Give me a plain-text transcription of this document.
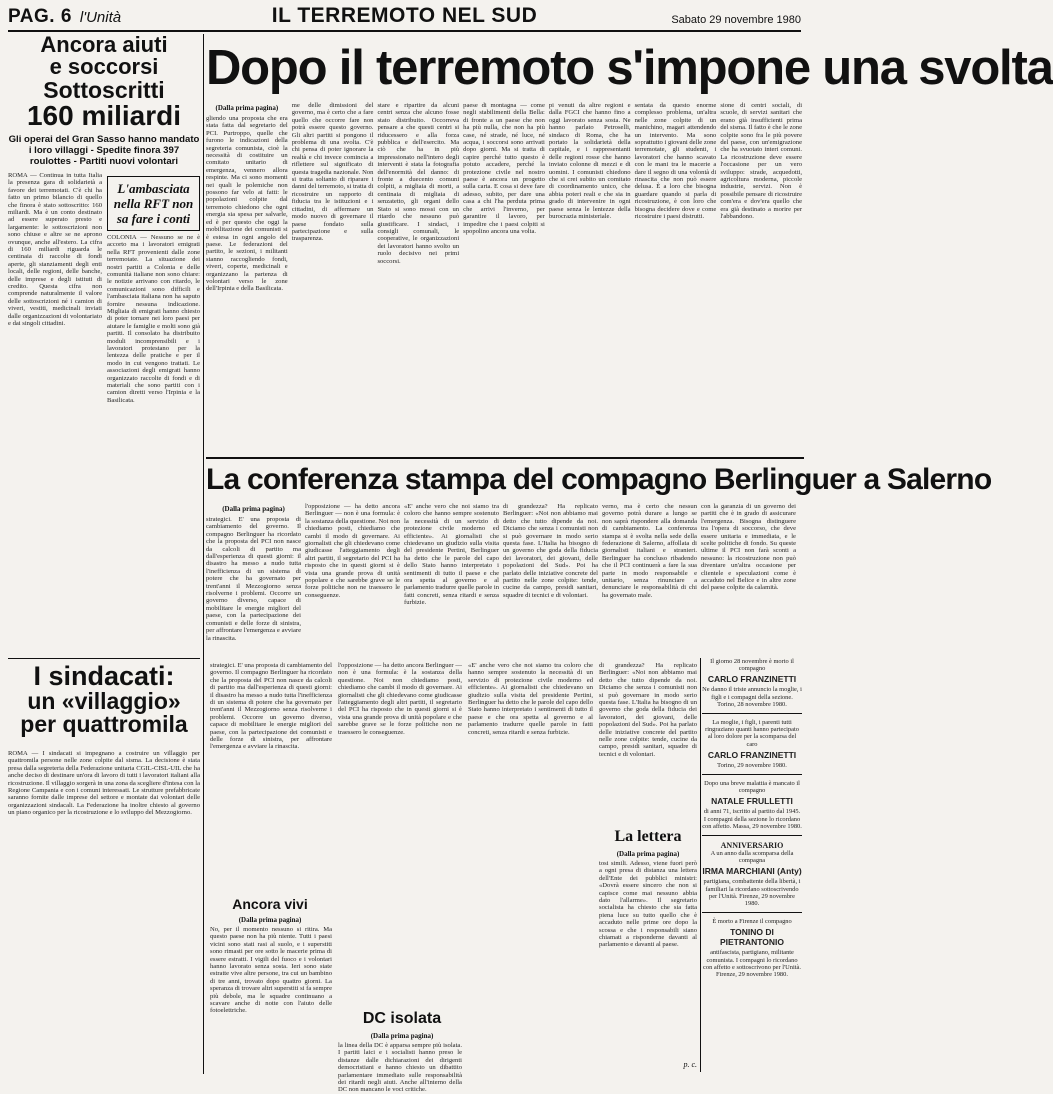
PAG. 6 l'Unità	IL TERREMOTO NEL SUD	Sabato 29 novembre 1980
Ancora aiuti
e soccorsi
Sottoscritti
160 miliardi
Gli operai del Gran Sasso hanno mandato i loro villaggi - Spedite finora 397 roulottes - Partiti nuovi volontari
ROMA — Continua in tutta Italia la presenza gara di solidarietà a favore dei terremotati. C'è chi ha fatto un primo bilancio di quello che finora è stato sottoscritto: 160 miliardi. Ma è un conto destinato ad essere superato presto e largamente: le sottoscrizioni non sono chiuse e altre se ne aprono ovunque, anche all'estero. La cifra di 160 miliardi riguarda le centinaia di raccolte di fondi aperte, gli stanziamenti degli enti locali, delle regioni, delle banche, delle imprese e degli istituti di credito. Questa cifra non comprende naturalmente il valore delle sottoscrizioni né i camion di viveri, vestiti, medicinali inviati dalle organizzazioni di volontariato e dai singoli cittadini.
L'ambasciata nella RFT non sa fare i conti
COLONIA — Nessuno se ne è accorto ma i lavoratori emigrati nella RFT provenienti dalle zone terremotate. La situazione dei nostri partiti a Colonia e delle comunità italiane non sono chiare: le notizie arrivano con ritardo, le comunicazioni sono difficili e l'ambasciata italiana non ha saputo fornire nessuna indicazione. Migliaia di emigrati hanno chiesto di poter tornare nei loro paesi per aiutare le famiglie e molti sono già partiti. Il consolato ha distribuito moduli incomprensibili e i lavoratori protestano per la lentezza delle pratiche e per il modo in cui vengono trattati. Le associazioni degli emigrati hanno organizzato raccolte di fondi e di materiali che sono partiti con i camion diretti verso l'Irpinia e la Basilicata.
I sindacati:
un «villaggio»
per quattromila
ROMA — I sindacati si impegnano a costruire un villaggio per quattromila persone nelle zone colpite dal sisma. La decisione è stata presa dalla segreteria della Federazione unitaria CGIL-CISL-UIL che ha anche deciso di destinare un'ora di lavoro di tutti i lavoratori italiani alla ricostruzione. Il villaggio sorgerà in una zona da scegliere d'intesa con la Regione Campania e con i comuni interessati. Le strutture prefabbricate saranno fornite dalle imprese del settore e montate dai volontari delle organizzazioni sindacali. La Federazione ha inoltre chiesto al governo un piano organico per la ricostruzione e lo sviluppo del Mezzogiorno.
Dopo il terremoto s'impone una svolta
(Dalla prima pagina)
gliendo una proposta che era stata fatta dal segretario del PCI. Purtroppo, quelle che furono le indicazioni della segreteria comunista, cioè la necessità di costituire un comitato unitario di emergenza, vennero allora respinte. Ma ci sono momenti nei quali le polemiche non possono far velo ai fatti: le popolazioni colpite dal terremoto chiedono che ogni energia sia spesa per salvarle, ed è per questo che oggi la mobilitazione dei comunisti si è estesa in ogni angolo del paese. Le federazioni del partito, le sezioni, i militanti stanno raccogliendo fondi, viveri, coperte, medicinali e organizzano la partenza di volontari verso le zone dell'Irpinia e della Basilicata.
me delle dimissioni del governo, ma è certo che a fare quello che occorre fare non potrà essere questo governo. Gli altri partiti si pongono il problema di una svolta. C'è chi pensa di poter ignorare la realtà e chi invece comincia a riflettere sul significato di questa tragedia nazionale. Non si tratta soltanto di riparare i danni del terremoto, si tratta di ricostruire un rapporto di fiducia tra le istituzioni e i cittadini, di affermare un modo nuovo di governare il paese fondato sulla partecipazione e sulla trasparenza.
stare e ripartire da alcuni centri senza che alcuno fosse stato distribuito. Occorreva pensare a che questi centri si riducessero e alla forza pubblica e dell'esercito. Ma ciò che ha in più impressionato nell'intero degli interventi è stata la fotografia dell'enormità del danno: di fronte a duecento comuni colpiti, a migliaia di morti, a centinaia di migliaia di senzatetto, gli organi dello Stato si sono mossi con un ritardo che nessuno può giustificare. I sindaci, i consigli comunali, le cooperative, le organizzazioni dei lavoratori hanno svolto un ruolo decisivo nei primi soccorsi.
paese di montagna — come negli stabilimenti della Bella: di fronte a un paese che non ha più nulla, che non ha più case, né strade, né luce, né acqua, i soccorsi sono arrivati dopo giorni. Ma si tratta di capire perché tutto questo è potuto accadere, perché la protezione civile nel nostro paese è ancora un progetto sulla carta. E cosa si deve fare adesso, subito, per dare una casa a chi l'ha perduta prima che arrivi l'inverno, per garantire il lavoro, per impedire che i paesi colpiti si spopolino ancora una volta.
pi venuti da altre regioni e dalla FGCI che hanno fino a oggi lavorato senza sosta. Ne hanno parlato Petroselli, sindaco di Roma, che ha portato la solidarietà della capitale, e i rappresentanti delle regioni rosse che hanno inviato colonne di mezzi e di uomini. I comunisti chiedono che si crei subito un comitato di coordinamento unico, che abbia poteri reali e che sia in grado di intervenire in ogni paese senza le lentezze della burocrazia ministeriale.
sentata da questo enorme complesso problema, un'altra nelle zone colpite di un manichino, magari attendendo un intervento. Ma sono soprattutto i giovani delle zone terremotate, gli studenti, i lavoratori che hanno scavato con le mani tra le macerie a dare il segno di una volontà di rinascita che non può essere delusa. È a loro che bisogna guardare quando si parla di ricostruzione, è con loro che bisogna decidere dove e come ricostruire i paesi distrutti.
sione di centri sociali, di scuole, di servizi sanitari che erano già insufficienti prima del sisma. Il fatto è che le zone colpite sono fra le più povere del paese, con un'emigrazione che ha svuotato interi comuni. La ricostruzione deve essere l'occasione per un vero sviluppo: strade, acquedotti, agricoltura moderna, piccole industrie, servizi. Non è possibile pensare di ricostruire com'era e dov'era quello che era già destinato a morire per l'abbandono.
La conferenza stampa del compagno Berlinguer a Salerno
(Dalla prima pagina)
strategici. E' una proposta di cambiamento del governo. Il compagno Berlinguer ha ricordato che la proposta del PCI non nasce da calcoli di partito ma dall'esperienza di questi giorni: il disastro ha messo a nudo tutta l'inefficienza di un sistema di potere che ha governato per trent'anni il Mezzogiorno senza risolverne i problemi. Occorre un governo diverso, capace di mobilitare le energie migliori del paese, con la partecipazione dei comunisti e delle forze di sinistra, per affrontare l'emergenza e avviare la rinascita.
l'opposizione — ha detto ancora Berlinguer — non è una formula: è la sostanza della questione. Noi non chiediamo posti, chiediamo che cambi il modo di governare. Ai giornalisti che gli chiedevano come giudicasse l'atteggiamento degli altri partiti, il segretario del PCI ha risposto che in questi giorni si è vista una grande prova di unità popolare e che sarebbe grave se le forze politiche non ne traessero le conseguenze.
«E' anche vero che noi siamo tra coloro che hanno sempre sostenuto la necessità di un servizio di protezione civile moderno ed efficiente». Ai giornalisti che chiedevano un giudizio sulla visita del presidente Pertini, Berlinguer ha detto che le parole del capo dello Stato hanno interpretato i sentimenti di tutto il paese e che ora spetta al governo e al parlamento tradurre quelle parole in fatti concreti, senza ritardi e senza furbizie.
di grandezza? Ha replicato Berlinguer: «Noi non abbiamo mai detto che tutto dipende da noi. Diciamo che senza i comunisti non si può governare in modo serio questa fase. L'Italia ha bisogno di un governo che goda della fiducia dei lavoratori, dei giovani, delle popolazioni del Sud». Poi ha parlato delle iniziative concrete del partito nelle zone colpite: tende, cucine da campo, presidi sanitari, squadre di tecnici e di volontari.
verno, ma è certo che nessun governo potrà durare a lungo se non saprà rispondere alla domanda di cambiamento. La conferenza stampa si è svolta nella sede della federazione di Salerno, affollata di giornalisti italiani e stranieri. Berlinguer ha concluso ribadendo che il PCI continuerà a fare la sua parte in modo responsabile e unitario, senza rinunciare a denunciare le responsabilità di chi ha governato male.
con la garanzia di un governo dei partiti che è in grado di assicurare l'emergenza. Bisogna distinguere tra l'opera di soccorso, che deve essere unitaria e immediata, e le scelte politiche di fondo. Su queste ultime il PCI non farà sconti a nessuno: la ricostruzione non può diventare un'altra occasione per clientele e speculazioni come è accaduto nel Belice e in altre zone del paese colpite da calamità.
strategici. E' una proposta di cambiamento del governo. Il compagno Berlinguer ha ricordato che la proposta del PCI non nasce da calcoli di partito ma dall'esperienza di questi giorni: il disastro ha messo a nudo tutta l'inefficienza di un sistema di potere che ha governato per trent'anni il Mezzogiorno senza risolverne i problemi. Occorre un governo diverso, capace di mobilitare le energie migliori del paese, con la partecipazione dei comunisti e delle forze di sinistra, per affrontare l'emergenza e avviare la rinascita.
Ancora vivi
(Dalla prima pagina)
No, per il momento nessuno si ritira. Ma questo paese non ha più niente. Tutti i paesi vicini sono stati rasi al suolo, e i superstiti sono rimasti per ore sotto le macerie prima di essere estratti. I vigili del fuoco e i volontari hanno lavorato senza sosta. Ieri sono state estratte vive altre persone, tra cui un bambino di tre anni, trovato dopo quattro giorni. La speranza di trovare altri superstiti si fa sempre più debole, ma le squadre continuano a scavare anche di notte con l'aiuto delle fotoelettriche.
l'opposizione — ha detto ancora Berlinguer — non è una formula: è la sostanza della questione. Noi non chiediamo posti, chiediamo che cambi il modo di governare. Ai giornalisti che gli chiedevano come giudicasse l'atteggiamento degli altri partiti, il segretario del PCI ha risposto che in questi giorni si è vista una grande prova di unità popolare e che sarebbe grave se le forze politiche non ne traessero le conseguenze.
DC isolata
(Dalla prima pagina)
la linea della DC è apparsa sempre più isolata. I partiti laici e i socialisti hanno preso le distanze dalle dichiarazioni dei dirigenti democristiani e hanno chiesto un dibattito parlamentare immediato sulle responsabilità dei ritardi negli aiuti. Anche all'interno della DC non mancano le voci critiche.
«E' anche vero che noi siamo tra coloro che hanno sempre sostenuto la necessità di un servizio di protezione civile moderno ed efficiente». Ai giornalisti che chiedevano un giudizio sulla visita del presidente Pertini, Berlinguer ha detto che le parole del capo dello Stato hanno interpretato i sentimenti di tutto il paese e che ora spetta al governo e al parlamento tradurre quelle parole in fatti concreti, senza ritardi e senza furbizie.
di grandezza? Ha replicato Berlinguer: «Noi non abbiamo mai detto che tutto dipende da noi. Diciamo che senza i comunisti non si può governare in modo serio questa fase. L'Italia ha bisogno di un governo che goda della fiducia dei lavoratori, dei giovani, delle popolazioni del Sud». Poi ha parlato delle iniziative concrete del partito nelle zone colpite: tende, cucine da campo, presidi sanitari, squadre di tecnici e di volontari.
La lettera
(Dalla prima pagina)
tosi simili. Adesso, viene fuori però a ogni presa di distanza una lettera dell'Ente dei pubblici ministri: «Dovrà essere sincero che non si capisce come mai nessuno abbia dato l'allarme». Il segretario socialista ha chiesto che sia fatta piena luce su tutto quello che è accaduto nelle prime ore dopo la scossa e che i responsabili siano chiamati a risponderne davanti al parlamento e davanti al paese.
p. c.
Il giorno 28 novembre è morto il compagno
CARLO FRANZINETTI
Ne danno il triste annuncio la moglie, i figli e i compagni della sezione. Torino, 28 novembre 1980.
La moglie, i figli, i parenti tutti ringraziano quanti hanno partecipato al loro dolore per la scomparsa del caro
CARLO FRANZINETTI
Torino, 29 novembre 1980.
Dopo una breve malattia è mancato il compagno
NATALE FRULLETTI
di anni 71, iscritto al partito dal 1945. I compagni della sezione lo ricordano con affetto. Massa, 29 novembre 1980.
ANNIVERSARIO
A un anno dalla scomparsa della compagna
IRMA MARCHIANI (Anty)
partigiana, combattente della libertà, i familiari la ricordano sottoscrivendo per l'Unità. Firenze, 29 novembre 1980.
È morto a Firenze il compagno
TONINO DI PIETRANTONIO
antifascista, partigiano, militante comunista. I compagni lo ricordano con affetto e sottoscrivono per l'Unità. Firenze, 29 novembre 1980.
